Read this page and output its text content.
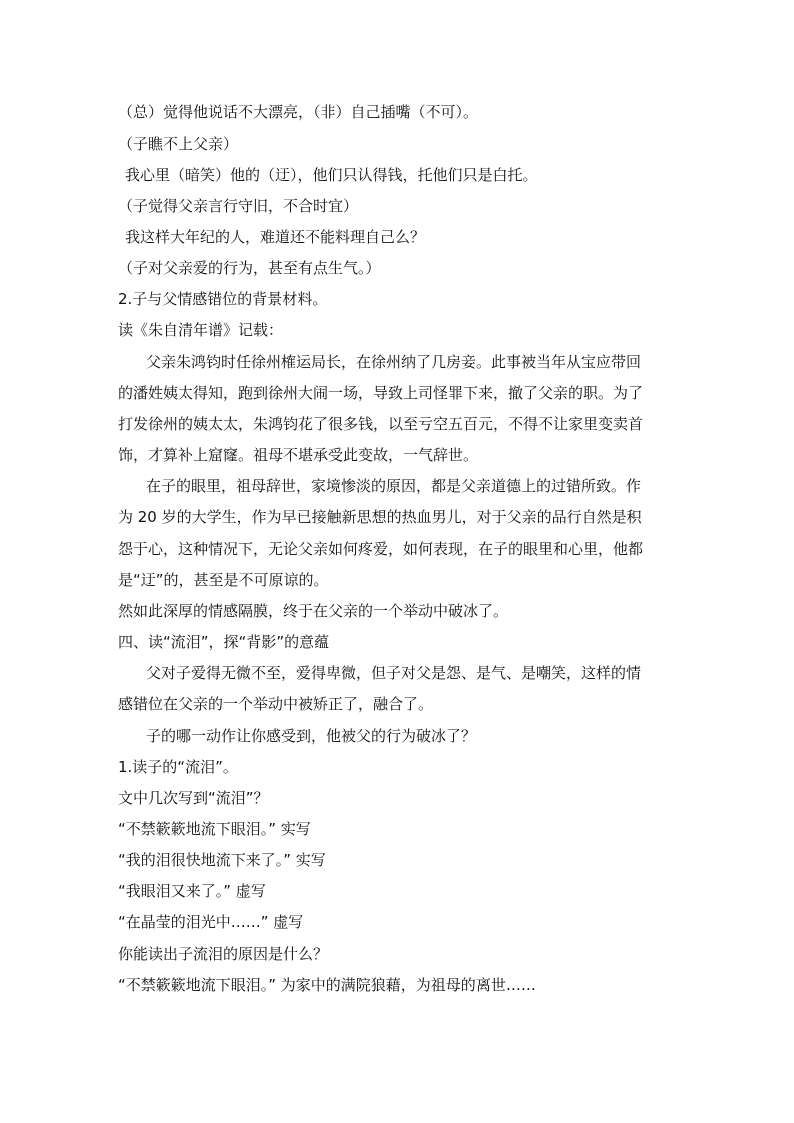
（总）觉得他说话不大漂亮，（非）自己插嘴（不可）。
（子瞧不上父亲）
我心里（暗笑）他的（迂），他们只认得钱，托他们只是白托。
（子觉得父亲言行守旧，不合时宜）
我这样大年纪的人，难道还不能料理自己么？
（子对父亲爱的行为，甚至有点生气。）
2.子与父情感错位的背景材料。
读《朱自清年谱》记载：
父亲朱鸿钧时任徐州榷运局长，在徐州纳了几房妾。此事被当年从宝应带回
的潘姓姨太得知，跑到徐州大闹一场，导致上司怪罪下来，撤了父亲的职。为了
打发徐州的姨太太，朱鸿钧花了很多钱，以至亏空五百元，不得不让家里变卖首
饰，才算补上窟窿。祖母不堪承受此变故，一气辞世。
在子的眼里，祖母辞世，家境惨淡的原因，都是父亲道德上的过错所致。作
为 20 岁的大学生，作为早已接触新思想的热血男儿，对于父亲的品行自然是积
怨于心，这种情况下，无论父亲如何疼爱，如何表现，在子的眼里和心里，他都
是“迂”的，甚至是不可原谅的。
然如此深厚的情感隔膜，终于在父亲的一个举动中破冰了。
四、读“流泪”，探“背影”的意蕴
父对子爱得无微不至，爱得卑微，但子对父是怨、是气、是嘲笑，这样的情
感错位在父亲的一个举动中被矫正了，融合了。
子的哪一动作让你感受到，他被父的行为破冰了？
1.读子的“流泪”。
文中几次写到“流泪”？
“不禁簌簌地流下眼泪。” 实写
“我的泪很快地流下来了。” 实写
“我眼泪又来了。” 虚写
“在晶莹的泪光中……” 虚写
你能读出子流泪的原因是什么？
“不禁簌簌地流下眼泪。” 为家中的满院狼藉，为祖母的离世……
